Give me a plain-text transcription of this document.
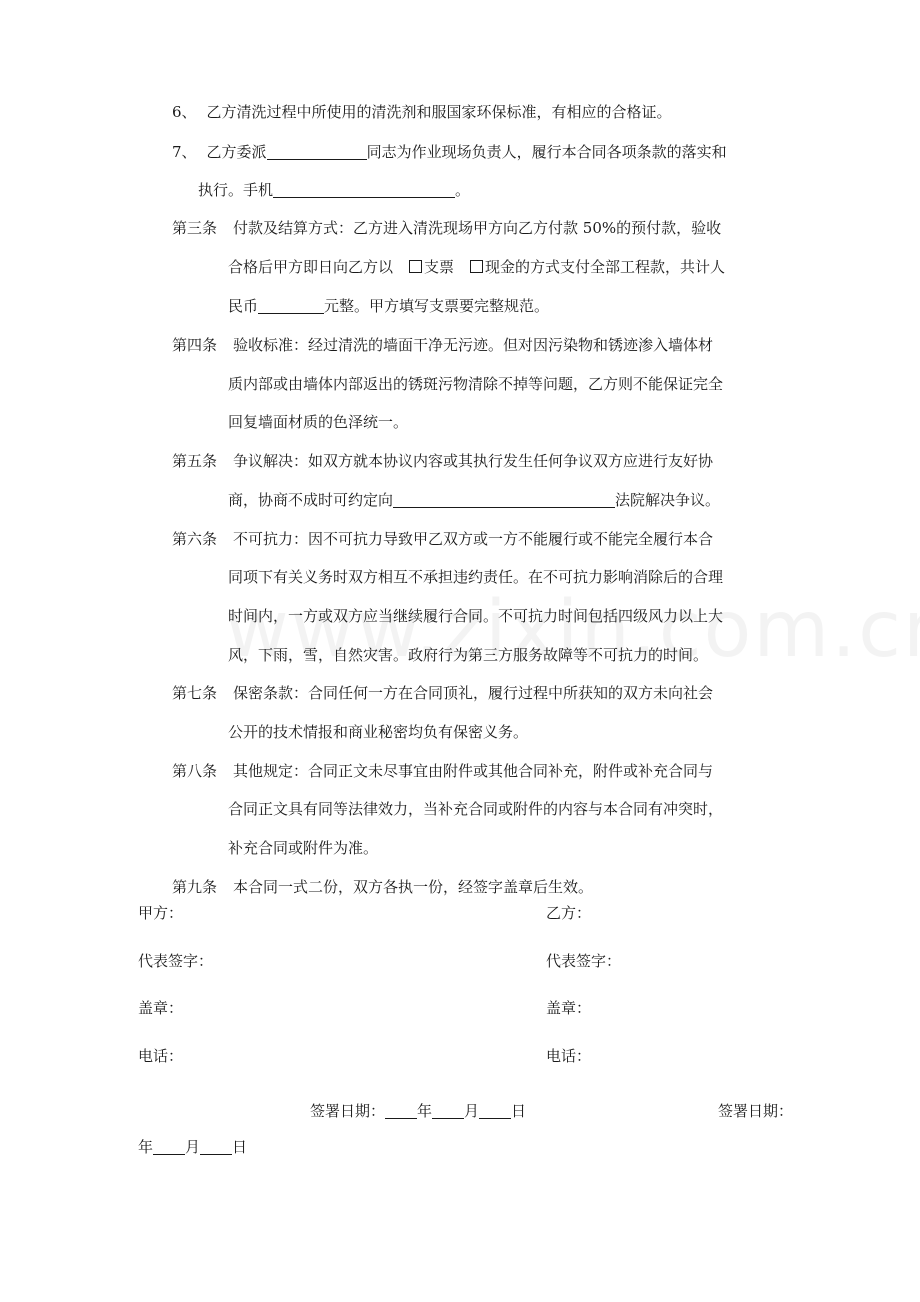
6、 乙方清洗过程中所使用的清洗剂和服国家环保标准，有相应的合格证。
7、 乙方委派	同志为作业现场负责人，履行本合同各项条款的落实和
执行。手机	。
第三条 付款及结算方式：乙方进入清洗现场甲方向乙方付款 50%的预付款，验收
合格后甲方即日向乙方以 支票 现金的方式支付全部工程款，共计人
民币	元整。甲方填写支票要完整规范。
第四条 验收标准：经过清洗的墙面干净无污迹。但对因污染物和锈迹渗入墙体材
质内部或由墙体内部返出的锈斑污物清除不掉等问题，乙方则不能保证完全
回复墙面材质的色泽统一。
第五条 争议解决：如双方就本协议内容或其执行发生任何争议双方应进行友好协
商，协商不成时可约定向	法院解决争议。
第六条 不可抗力：因不可抗力导致甲乙双方或一方不能履行或不能完全履行本合
同项下有关义务时双方相互不承担违约责任。在不可抗力影响消除后的合理
时间内，一方或双方应当继续履行合同。不可抗力时间包括四级风力以上大
风，下雨，雪，自然灾害。政府行为第三方服务故障等不可抗力的时间。
第七条 保密条款：合同任何一方在合同顶礼，履行过程中所获知的双方未向社会
公开的技术情报和商业秘密均负有保密义务。
第八条 其他规定：合同正文未尽事宜由附件或其他合同补充，附件或补充合同与
合同正文具有同等法律效力，当补充合同或附件的内容与本合同有冲突时，
补充合同或附件为准。
第九条 本合同一式二份，双方各执一份，经签字盖章后生效。
甲方：
代表签字：
盖章：
电话：
乙方：
代表签字：
盖章：
电话：
签署日期： 年 月 日	签署日期：
年 月 日
